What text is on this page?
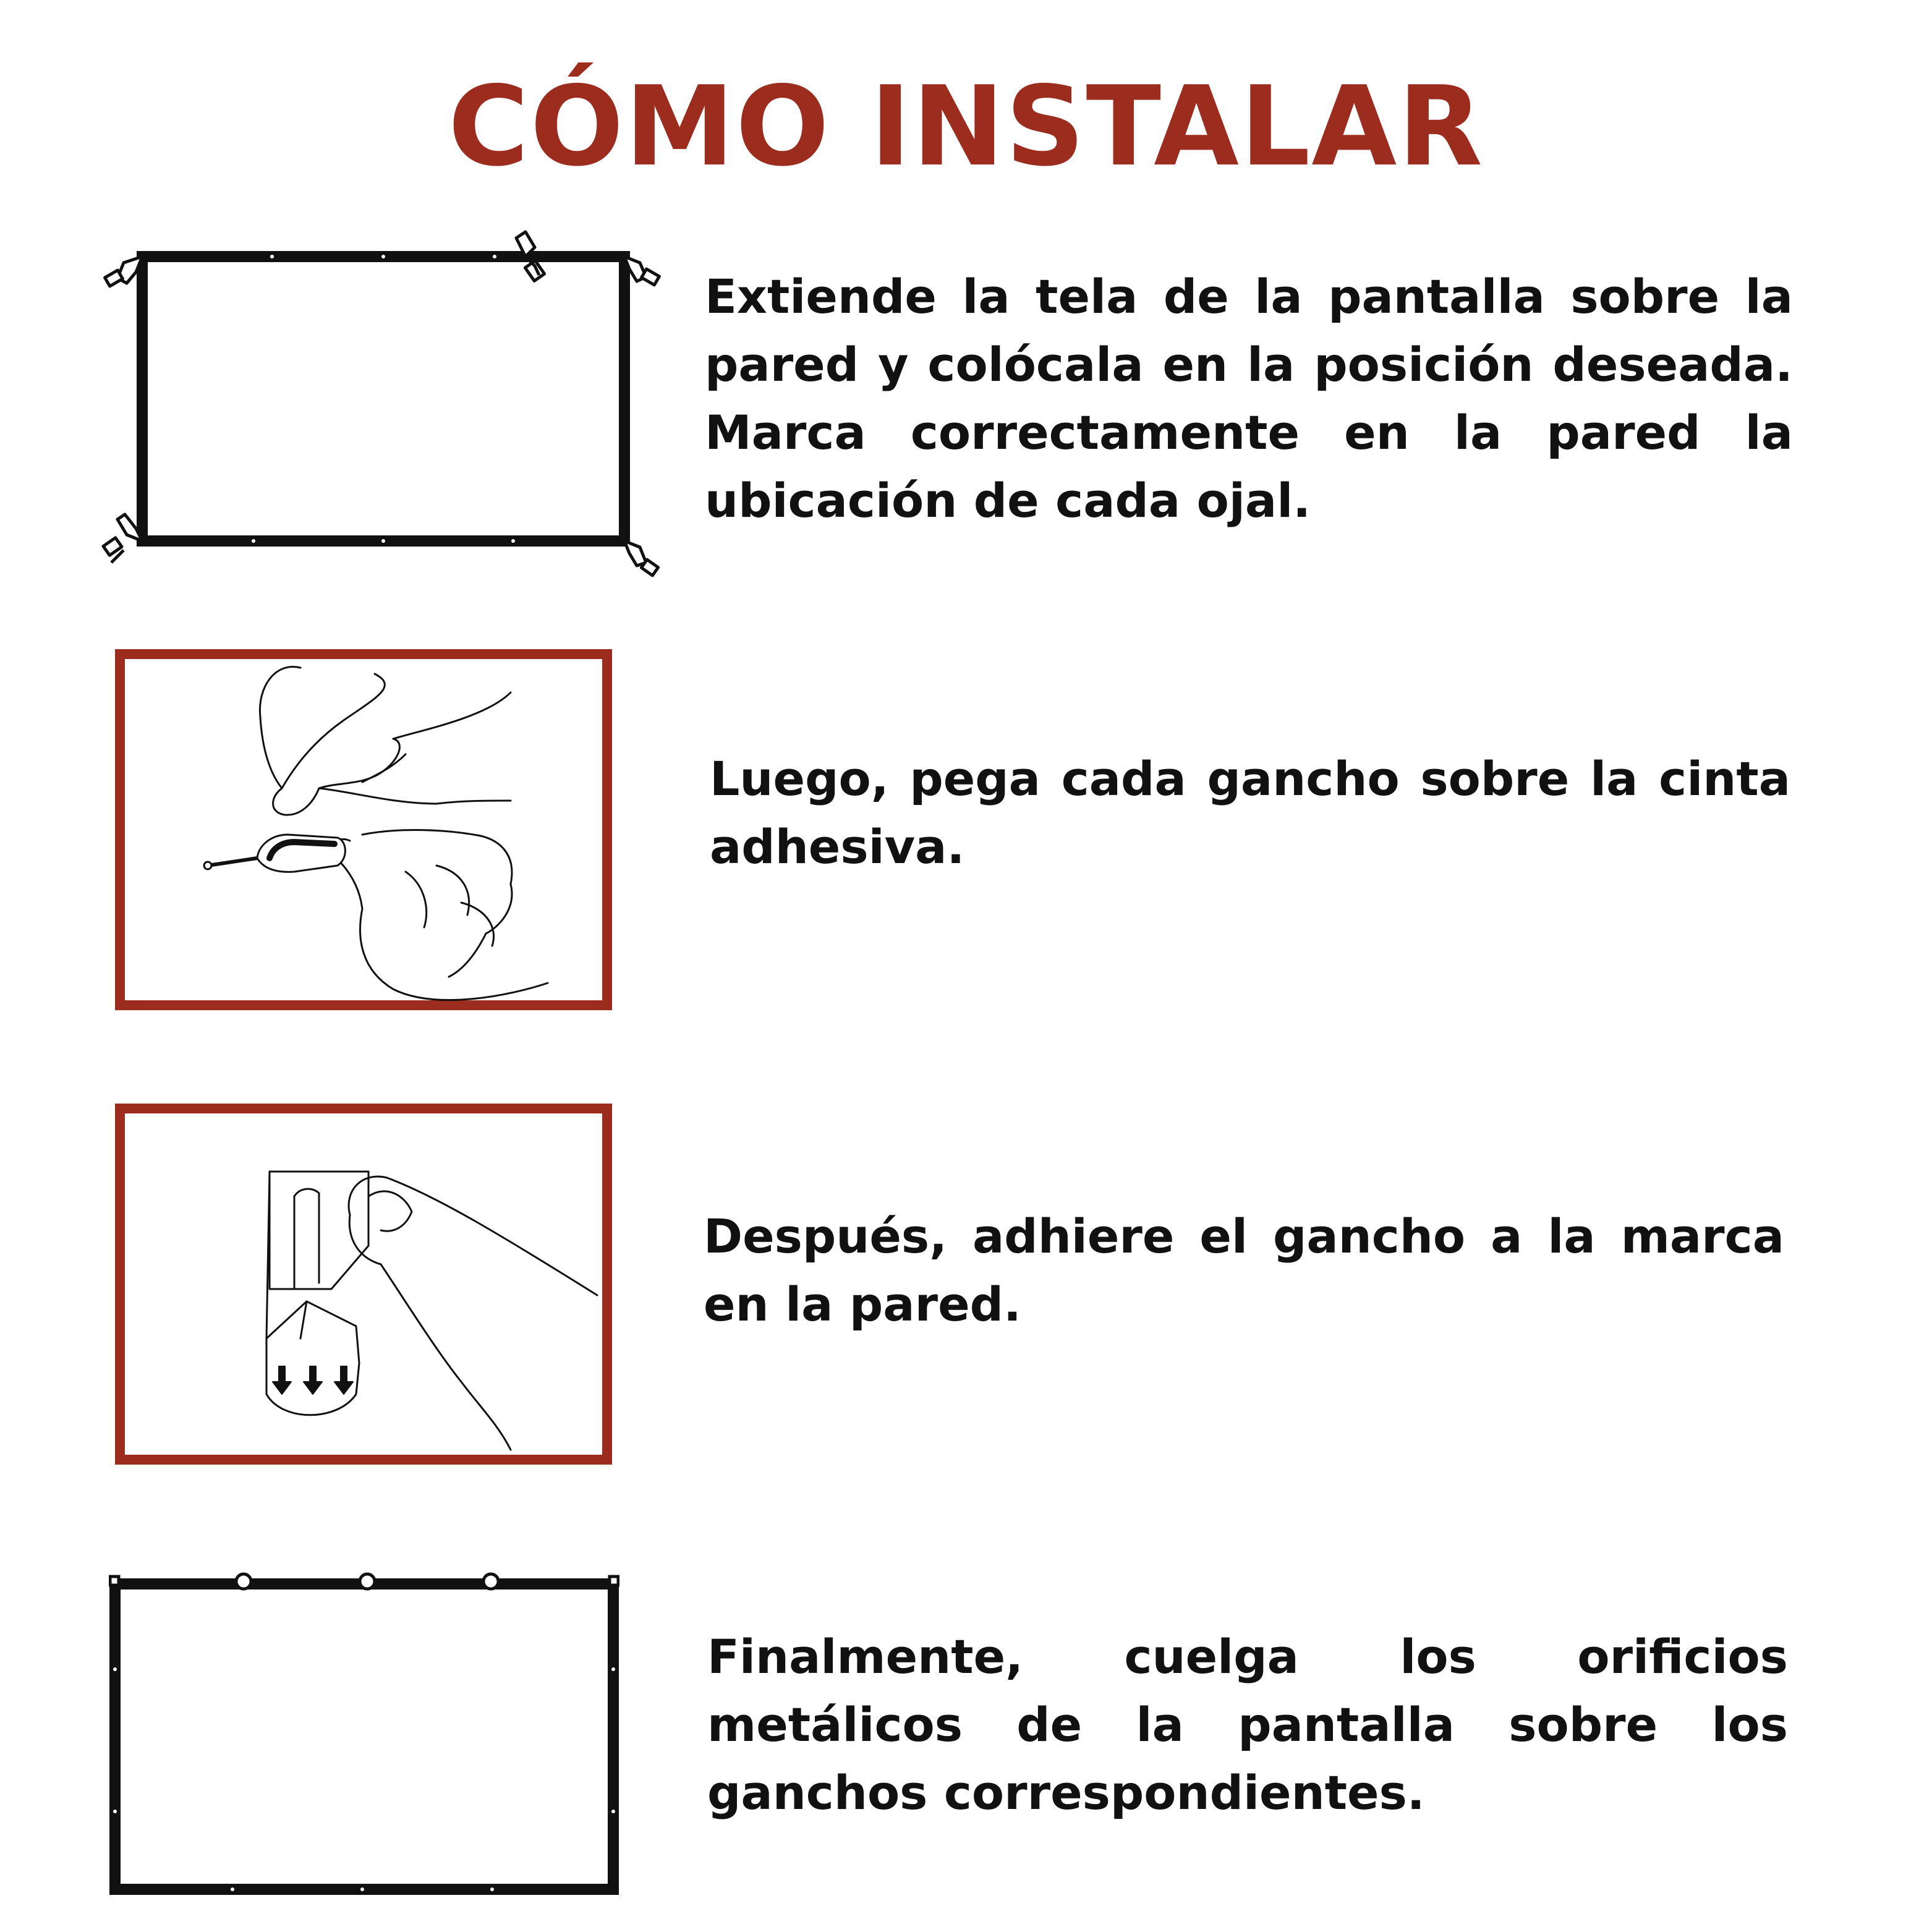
CÓMO INSTALAR

Extiende la tela de la pantalla sobre la pared y colócala en la posición deseada. Marca correctamente en la pared la ubicación de cada ojal.

Luego, pega cada gancho sobre la cinta adhesiva.

Después, adhiere el gancho a la marca en la pared.

Finalmente, cuelga los orificios metálicos de la pantalla sobre los ganchos correspondientes.
